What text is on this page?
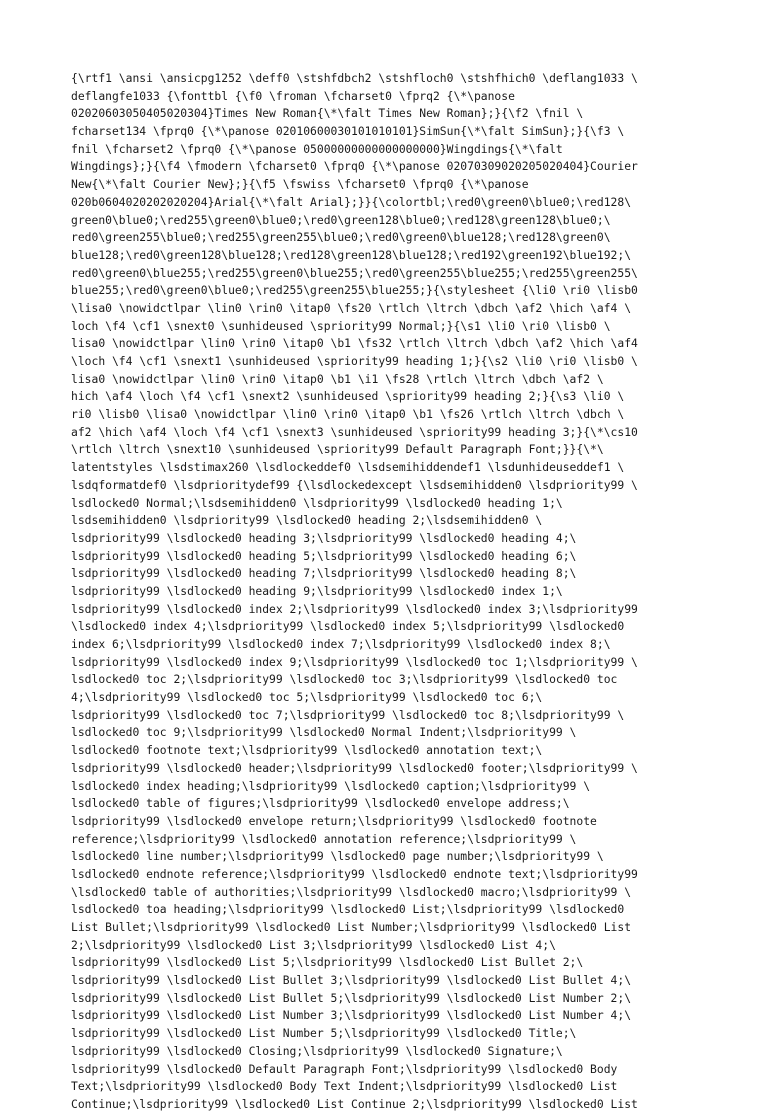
{\rtf1 \ansi \ansicpg1252 \deff0 \stshfdbch2 \stshfloch0 \stshfhich0 \deflang1033 \
deflangfe1033 {\fonttbl {\f0 \froman \fcharset0 \fprq2 {\*\panose
02020603050405020304}Times New Roman{\*\falt Times New Roman};}{\f2 \fnil \
fcharset134 \fprq0 {\*\panose 02010600030101010101}SimSun{\*\falt SimSun};}{\f3 \
fnil \fcharset2 \fprq0 {\*\panose 05000000000000000000}Wingdings{\*\falt
Wingdings};}{\f4 \fmodern \fcharset0 \fprq0 {\*\panose 02070309020205020404}Courier
New{\*\falt Courier New};}{\f5 \fswiss \fcharset0 \fprq0 {\*\panose
020b0604020202020204}Arial{\*\falt Arial};}}{\colortbl;\red0\green0\blue0;\red128\
green0\blue0;\red255\green0\blue0;\red0\green128\blue0;\red128\green128\blue0;\
red0\green255\blue0;\red255\green255\blue0;\red0\green0\blue128;\red128\green0\
blue128;\red0\green128\blue128;\red128\green128\blue128;\red192\green192\blue192;\
red0\green0\blue255;\red255\green0\blue255;\red0\green255\blue255;\red255\green255\
blue255;\red0\green0\blue0;\red255\green255\blue255;}{\stylesheet {\li0 \ri0 \lisb0
\lisa0 \nowidctlpar \lin0 \rin0 \itap0 \fs20 \rtlch \ltrch \dbch \af2 \hich \af4 \
loch \f4 \cf1 \snext0 \sunhideused \spriority99 Normal;}{\s1 \li0 \ri0 \lisb0 \
lisa0 \nowidctlpar \lin0 \rin0 \itap0 \b1 \fs32 \rtlch \ltrch \dbch \af2 \hich \af4
\loch \f4 \cf1 \snext1 \sunhideused \spriority99 heading 1;}{\s2 \li0 \ri0 \lisb0 \
lisa0 \nowidctlpar \lin0 \rin0 \itap0 \b1 \i1 \fs28 \rtlch \ltrch \dbch \af2 \
hich \af4 \loch \f4 \cf1 \snext2 \sunhideused \spriority99 heading 2;}{\s3 \li0 \
ri0 \lisb0 \lisa0 \nowidctlpar \lin0 \rin0 \itap0 \b1 \fs26 \rtlch \ltrch \dbch \
af2 \hich \af4 \loch \f4 \cf1 \snext3 \sunhideused \spriority99 heading 3;}{\*\cs10
\rtlch \ltrch \snext10 \sunhideused \spriority99 Default Paragraph Font;}}{\*\
latentstyles \lsdstimax260 \lsdlockeddef0 \lsdsemihiddendef1 \lsdunhideuseddef1 \
lsdqformatdef0 \lsdprioritydef99 {\lsdlockedexcept \lsdsemihidden0 \lsdpriority99 \
lsdlocked0 Normal;\lsdsemihidden0 \lsdpriority99 \lsdlocked0 heading 1;\
lsdsemihidden0 \lsdpriority99 \lsdlocked0 heading 2;\lsdsemihidden0 \
lsdpriority99 \lsdlocked0 heading 3;\lsdpriority99 \lsdlocked0 heading 4;\
lsdpriority99 \lsdlocked0 heading 5;\lsdpriority99 \lsdlocked0 heading 6;\
lsdpriority99 \lsdlocked0 heading 7;\lsdpriority99 \lsdlocked0 heading 8;\
lsdpriority99 \lsdlocked0 heading 9;\lsdpriority99 \lsdlocked0 index 1;\
lsdpriority99 \lsdlocked0 index 2;\lsdpriority99 \lsdlocked0 index 3;\lsdpriority99
\lsdlocked0 index 4;\lsdpriority99 \lsdlocked0 index 5;\lsdpriority99 \lsdlocked0
index 6;\lsdpriority99 \lsdlocked0 index 7;\lsdpriority99 \lsdlocked0 index 8;\
lsdpriority99 \lsdlocked0 index 9;\lsdpriority99 \lsdlocked0 toc 1;\lsdpriority99 \
lsdlocked0 toc 2;\lsdpriority99 \lsdlocked0 toc 3;\lsdpriority99 \lsdlocked0 toc
4;\lsdpriority99 \lsdlocked0 toc 5;\lsdpriority99 \lsdlocked0 toc 6;\
lsdpriority99 \lsdlocked0 toc 7;\lsdpriority99 \lsdlocked0 toc 8;\lsdpriority99 \
lsdlocked0 toc 9;\lsdpriority99 \lsdlocked0 Normal Indent;\lsdpriority99 \
lsdlocked0 footnote text;\lsdpriority99 \lsdlocked0 annotation text;\
lsdpriority99 \lsdlocked0 header;\lsdpriority99 \lsdlocked0 footer;\lsdpriority99 \
lsdlocked0 index heading;\lsdpriority99 \lsdlocked0 caption;\lsdpriority99 \
lsdlocked0 table of figures;\lsdpriority99 \lsdlocked0 envelope address;\
lsdpriority99 \lsdlocked0 envelope return;\lsdpriority99 \lsdlocked0 footnote
reference;\lsdpriority99 \lsdlocked0 annotation reference;\lsdpriority99 \
lsdlocked0 line number;\lsdpriority99 \lsdlocked0 page number;\lsdpriority99 \
lsdlocked0 endnote reference;\lsdpriority99 \lsdlocked0 endnote text;\lsdpriority99
\lsdlocked0 table of authorities;\lsdpriority99 \lsdlocked0 macro;\lsdpriority99 \
lsdlocked0 toa heading;\lsdpriority99 \lsdlocked0 List;\lsdpriority99 \lsdlocked0
List Bullet;\lsdpriority99 \lsdlocked0 List Number;\lsdpriority99 \lsdlocked0 List
2;\lsdpriority99 \lsdlocked0 List 3;\lsdpriority99 \lsdlocked0 List 4;\
lsdpriority99 \lsdlocked0 List 5;\lsdpriority99 \lsdlocked0 List Bullet 2;\
lsdpriority99 \lsdlocked0 List Bullet 3;\lsdpriority99 \lsdlocked0 List Bullet 4;\
lsdpriority99 \lsdlocked0 List Bullet 5;\lsdpriority99 \lsdlocked0 List Number 2;\
lsdpriority99 \lsdlocked0 List Number 3;\lsdpriority99 \lsdlocked0 List Number 4;\
lsdpriority99 \lsdlocked0 List Number 5;\lsdpriority99 \lsdlocked0 Title;\
lsdpriority99 \lsdlocked0 Closing;\lsdpriority99 \lsdlocked0 Signature;\
lsdpriority99 \lsdlocked0 Default Paragraph Font;\lsdpriority99 \lsdlocked0 Body
Text;\lsdpriority99 \lsdlocked0 Body Text Indent;\lsdpriority99 \lsdlocked0 List
Continue;\lsdpriority99 \lsdlocked0 List Continue 2;\lsdpriority99 \lsdlocked0 List
